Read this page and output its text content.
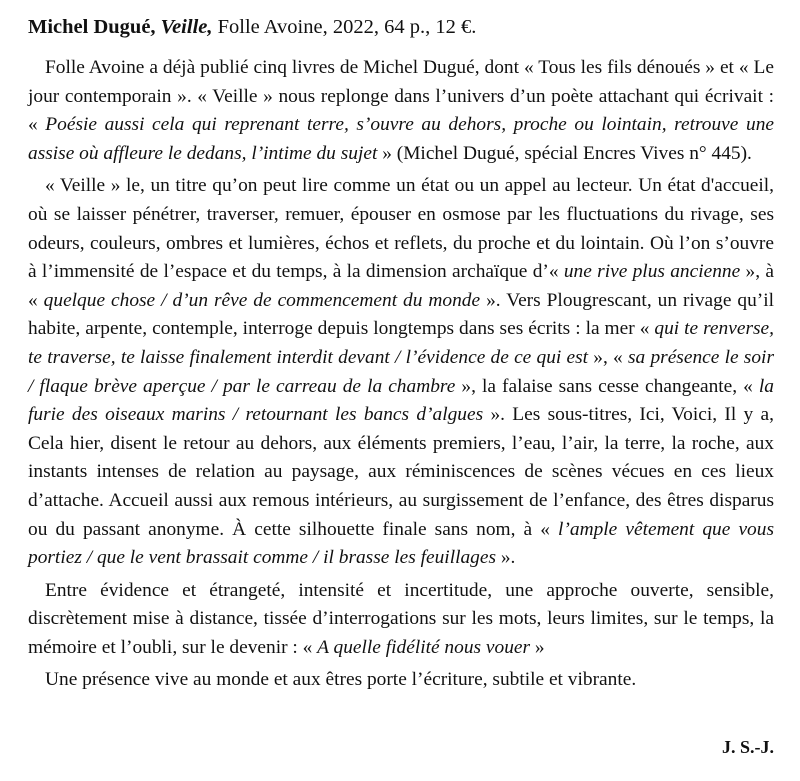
Michel Dugué, Veille, Folle Avoine, 2022, 64 p., 12 €.

Folle Avoine a déjà publié cinq livres de Michel Dugué, dont « Tous les fils dénoués » et « Le jour contemporain ». « Veille » nous replonge dans l’univers d’un poète attachant qui écrivait : « Poésie aussi cela qui reprenant terre, s’ouvre au dehors, proche ou lointain, retrouve une assise où affleure le dedans, l’intime du sujet » (Michel Dugué, spécial Encres Vives n° 445).

« Veille » le, un titre qu’on peut lire comme un état ou un appel au lecteur. Un état d'accueil, où se laisser pénétrer, traverser, remuer, épouser en osmose par les fluctuations du rivage, ses odeurs, couleurs, ombres et lumières, échos et reflets, du proche et du lointain. Où l’on s’ouvre à l’immensité de l’espace et du temps, à la dimension archaïque d’« une rive plus ancienne », à « quelque chose / d’un rêve de commencement du monde ». Vers Plougrescant, un rivage qu’il habite, arpente, contemple, interroge depuis longtemps dans ses écrits : la mer « qui te renverse, te traverse, te laisse finalement interdit devant / l’évidence de ce qui est », « sa présence le soir / flaque brève aperçue / par le carreau de la chambre », la falaise sans cesse changeante, « la furie des oiseaux marins / retournant les bancs d’algues ». Les sous-titres, Ici, Voici, Il y a, Cela hier, disent le retour au dehors, aux éléments premiers, l’eau, l’air, la terre, la roche, aux instants intenses de relation au paysage, aux réminiscences de scènes vécues en ces lieux d’attache. Accueil aussi aux remous intérieurs, au surgissement de l’enfance, des êtres disparus ou du passant anonyme. À cette silhouette finale sans nom, à « l’ample vêtement que vous portiez / que le vent brassait comme / il brasse les feuillages ».

Entre évidence et étrangeté, intensité et incertitude, une approche ouverte, sensible, discrètement mise à distance, tissée d’interrogations sur les mots, leurs limites, sur le temps, la mémoire et l’oubli, sur le devenir : « A quelle fidélité nous vouer »

Une présence vive au monde et aux êtres porte l’écriture, subtile et vibrante.

J. S.-J.
